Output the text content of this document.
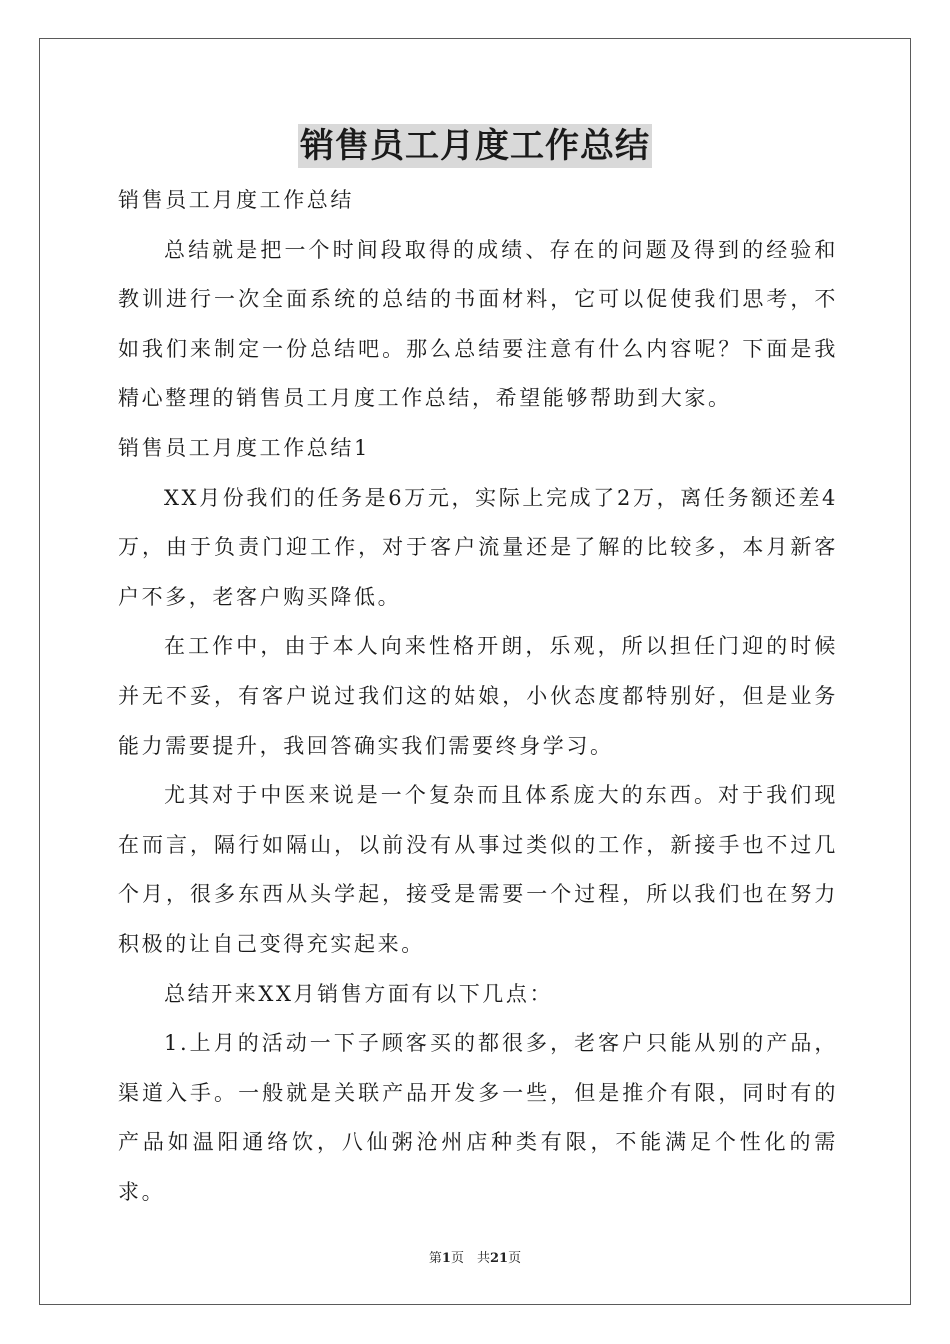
销售员工月度工作总结

销售员工月度工作总结

总结就是把一个时间段取得的成绩、存在的问题及得到的经验和教训进行一次全面系统的总结的书面材料，它可以促使我们思考，不如我们来制定一份总结吧。那么总结要注意有什么内容呢？下面是我精心整理的销售员工月度工作总结，希望能够帮助到大家。

销售员工月度工作总结1

XX月份我们的任务是6万元，实际上完成了2万，离任务额还差4万，由于负责门迎工作，对于客户流量还是了解的比较多，本月新客户不多，老客户购买降低。

在工作中，由于本人向来性格开朗，乐观，所以担任门迎的时候并无不妥，有客户说过我们这的姑娘，小伙态度都特别好，但是业务能力需要提升，我回答确实我们需要终身学习。

尤其对于中医来说是一个复杂而且体系庞大的东西。对于我们现在而言，隔行如隔山，以前没有从事过类似的工作，新接手也不过几个月，很多东西从头学起，接受是需要一个过程，所以我们也在努力积极的让自己变得充实起来。

总结开来XX月销售方面有以下几点：

1.上月的活动一下子顾客买的都很多，老客户只能从别的产品，渠道入手。一般就是关联产品开发多一些，但是推介有限，同时有的产品如温阳通络饮，八仙粥沧州店种类有限，不能满足个性化的需求。

第1页　共21页
